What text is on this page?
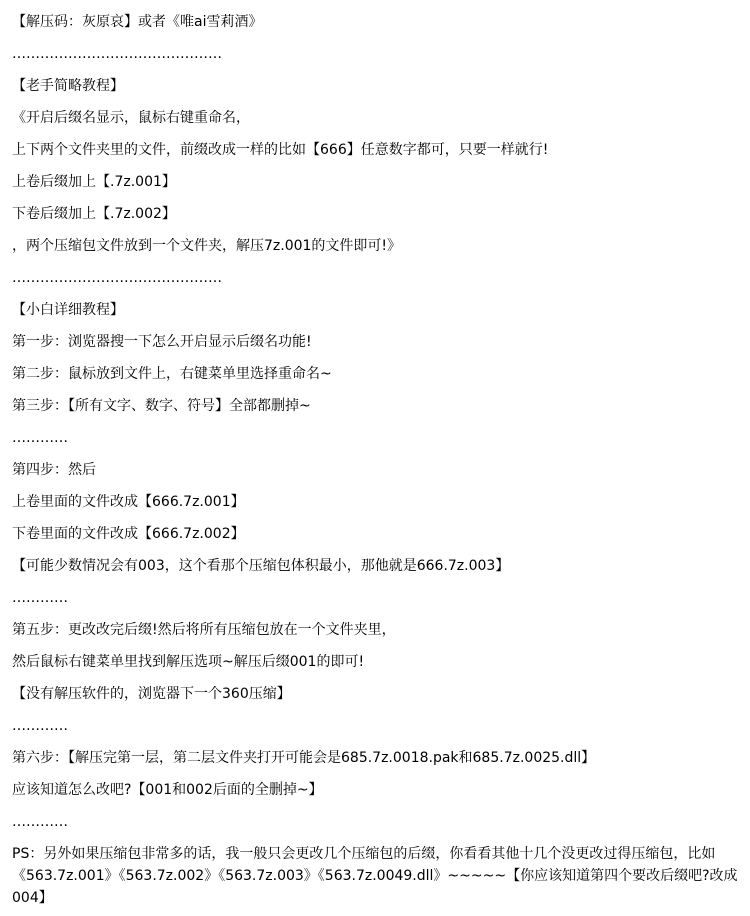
【解压码：灰原哀】或者《唯ai雪莉酒》
………………………………………
【老手简略教程】
《开启后缀名显示，鼠标右键重命名，
上下两个文件夹里的文件，前缀改成一样的比如【666】任意数字都可，只要一样就行!
上卷后缀加上【.7z.001】
下卷后缀加上【.7z.002】
，两个压缩包文件放到一个文件夹，解压7z.001的文件即可!》
………………………………………
【小白详细教程】
第一步：浏览器搜一下怎么开启显示后缀名功能!
第二步：鼠标放到文件上，右键菜单里选择重命名~
第三步：【所有文字、数字、符号】全部都删掉~
…………
第四步：然后
上卷里面的文件改成【666.7z.001】
下卷里面的文件改成【666.7z.002】
【可能少数情况会有003，这个看那个压缩包体积最小，那他就是666.7z.003】
…………
第五步：更改改完后缀!然后将所有压缩包放在一个文件夹里，
然后鼠标右键菜单里找到解压选项~解压后缀001的即可!
【没有解压软件的，浏览器下一个360压缩】
…………
第六步：【解压完第一层，第二层文件夹打开可能会是685.7z.0018.pak和685.7z.0025.dll】
应该知道怎么改吧?【001和002后面的全删掉~】
…………
PS：另外如果压缩包非常多的话，我一般只会更改几个压缩包的后缀，你看看其他十几个没更改过得压缩包，比如《563.7z.001》《563.7z.002》《563.7z.003》《563.7z.0049.dll》~~~~~【你应该知道第四个要改后缀吧?改成004】
